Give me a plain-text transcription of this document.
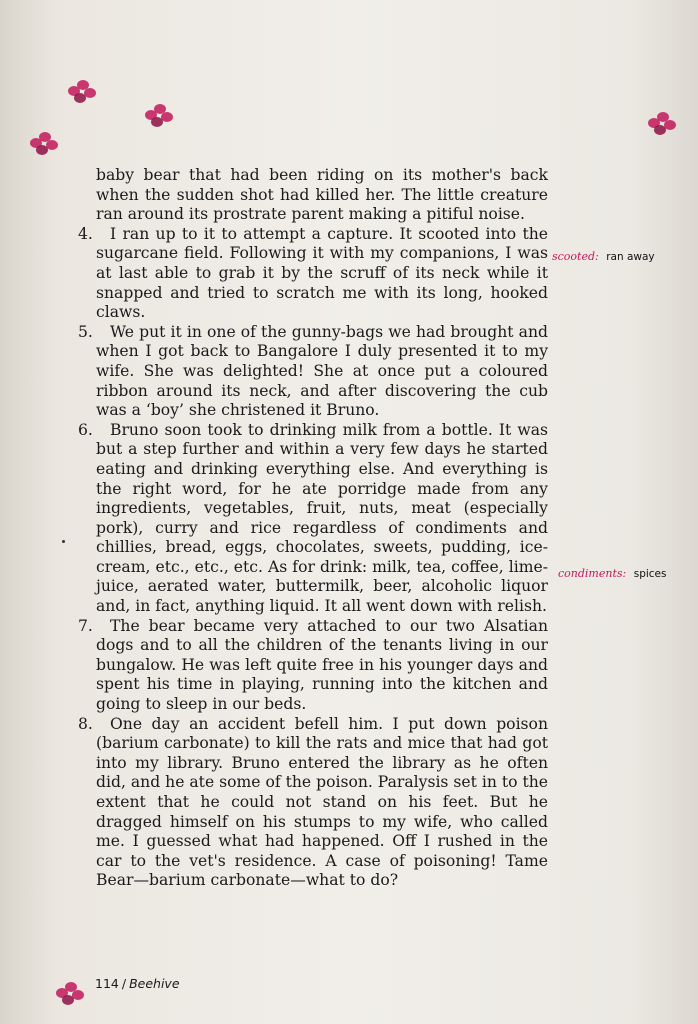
baby bear that had been riding on its mother's back when the sudden shot had killed her. The little creature ran around its prostrate parent making a pitiful noise.

4.	I ran up to it to attempt a capture. It scooted into the sugarcane field. Following it with my companions, I was at last able to grab it by the scruff of its neck while it snapped and tried to scratch me with its long, hooked claws.

5.	We put it in one of the gunny-bags we had brought and when I got back to Bangalore I duly presented it to my wife. She was delighted! She at once put a coloured ribbon around its neck, and after discovering the cub was a ‘boy’ she christened it Bruno.

6.	Bruno soon took to drinking milk from a bottle. It was but a step further and within a very few days he started eating and drinking everything else. And everything is the right word, for he ate porridge made from any ingredients, vegetables, fruit, nuts, meat (especially pork), curry and rice regardless of condiments and chillies, bread, eggs, chocolates, sweets, pudding, ice-cream, etc., etc., etc. As for drink: milk, tea, coffee, lime-juice, aerated water, buttermilk, beer, alcoholic liquor and, in fact, anything liquid. It all went down with relish.

7.	The bear became very attached to our two Alsatian dogs and to all the children of the tenants living in our bungalow. He was left quite free in his younger days and spent his time in playing, running into the kitchen and going to sleep in our beds.

8.	One day an accident befell him. I put down poison (barium carbonate) to kill the rats and mice that had got into my library. Bruno entered the library as he often did, and he ate some of the poison. Paralysis set in to the extent that he could not stand on his feet. But he dragged himself on his stumps to my wife, who called me. I guessed what had happened. Off I rushed in the car to the vet's residence. A case of poisoning! Tame Bear—barium carbonate—what to do?

scooted: ran away
condiments: spices
114 / Beehive
